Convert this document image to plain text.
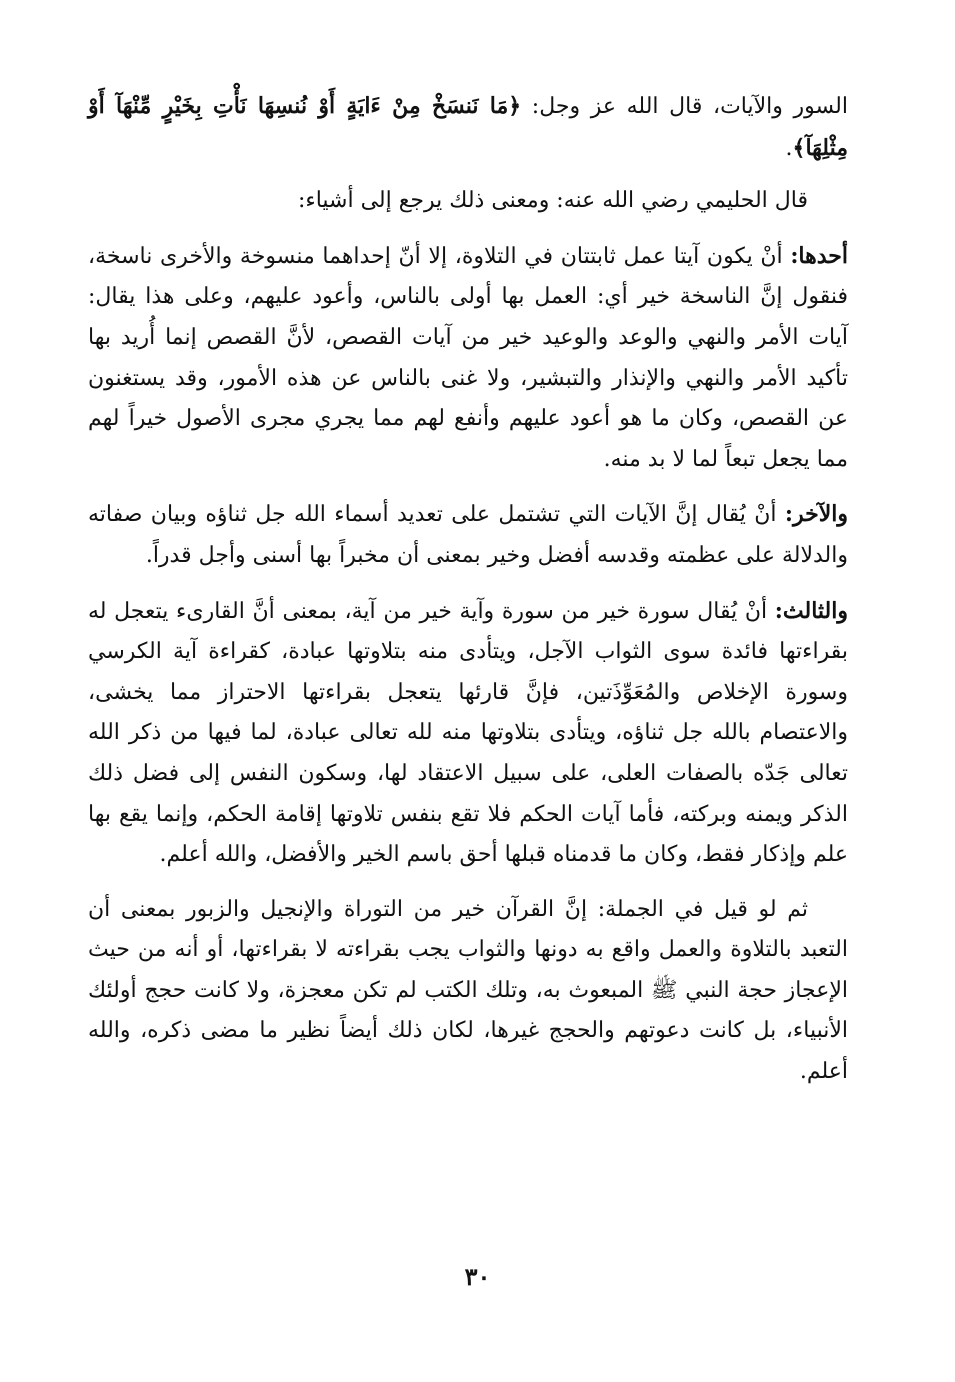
السور والآيات، قال الله عز وجل: ﴿مَا نَنسَخْ مِنْ ءَايَةٍ أَوْ نُنسِهَا نَأْتِ بِخَيْرٍ مِّنْهَآ أَوْ مِثْلِهَآ﴾.

قال الحليمي رضي الله عنه: ومعنى ذلك يرجع إلى أشياء:

أحدها: أنْ يكون آيتا عمل ثابتتان في التلاوة، إلا أنّ إحداهما منسوخة والأخرى ناسخة، فنقول إنَّ الناسخة خير أي: العمل بها أولى بالناس، وأعود عليهم، وعلى هذا يقال: آيات الأمر والنهي والوعد والوعيد خير من آيات القصص، لأنَّ القصص إنما أُريد بها تأكيد الأمر والنهي والإنذار والتبشير، ولا غنى بالناس عن هذه الأمور، وقد يستغنون عن القصص، وكان ما هو أعود عليهم وأنفع لهم مما يجري مجرى الأصول خيراً لهم مما يجعل تبعاً لما لا بد منه.

والآخر: أنْ يُقال إنَّ الآيات التي تشتمل على تعديد أسماء الله جل ثناؤه وبيان صفاته والدلالة على عظمته وقدسه أفضل وخير بمعنى أن مخبراً بها أسنى وأجل قدراً.

والثالث: أنْ يُقال سورة خير من سورة وآية خير من آية، بمعنى أنَّ القارىء يتعجل له بقراءتها فائدة سوى الثواب الآجل، ويتأدى منه بتلاوتها عبادة، كقراءة آية الكرسي وسورة الإخلاص والمُعَوِّذَتين، فإنَّ قارئها يتعجل بقراءتها الاحتراز مما يخشى، والاعتصام بالله جل ثناؤه، ويتأدى بتلاوتها منه لله تعالى عبادة، لما فيها من ذكر الله تعالى جَدّه بالصفات العلى، على سبيل الاعتقاد لها، وسكون النفس إلى فضل ذلك الذكر ويمنه وبركته، فأما آيات الحكم فلا تقع بنفس تلاوتها إقامة الحكم، وإنما يقع بها علم وإذكار فقط، وكان ما قدمناه قبلها أحق باسم الخير والأفضل، والله أعلم.

ثم لو قيل في الجملة: إنَّ القرآن خير من التوراة والإنجيل والزبور بمعنى أن التعبد بالتلاوة والعمل واقع به دونها والثواب يجب بقراءته لا بقراءتها، أو أنه من حيث الإعجاز حجة النبي ﷺ المبعوث به، وتلك الكتب لم تكن معجزة، ولا كانت حجج أولئك الأنبياء، بل كانت دعوتهم والحجج غيرها، لكان ذلك أيضاً نظير ما مضى ذكره، والله أعلم.

٣٠
